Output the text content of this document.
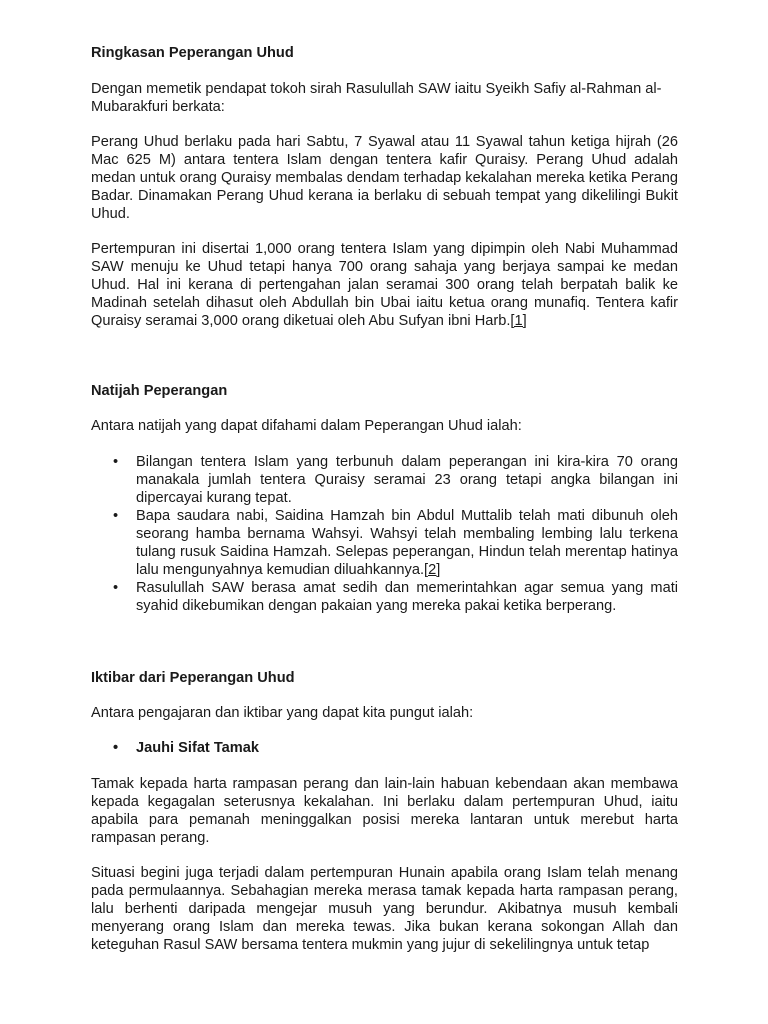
Ringkasan Peperangan Uhud

Dengan memetik pendapat tokoh sirah Rasulullah SAW iaitu Syeikh Safiy al-Rahman al-Mubarakfuri berkata:

Perang Uhud berlaku pada hari Sabtu, 7 Syawal atau 11 Syawal tahun ketiga hijrah (26 Mac 625 M) antara tentera Islam dengan tentera kafir Quraisy. Perang Uhud adalah medan untuk orang Quraisy membalas dendam terhadap kekalahan mereka ketika Perang Badar. Dinamakan Perang Uhud kerana ia berlaku di sebuah tempat yang dikelilingi Bukit Uhud.

Pertempuran ini disertai 1,000 orang tentera Islam yang dipimpin oleh Nabi Muhammad SAW menuju ke Uhud tetapi hanya 700 orang sahaja yang berjaya sampai ke medan Uhud. Hal ini kerana di pertengahan jalan seramai 300 orang telah berpatah balik ke Madinah setelah dihasut oleh Abdullah bin Ubai iaitu ketua orang munafiq. Tentera kafir Quraisy seramai 3,000 orang diketuai oleh Abu Sufyan ibni Harb.[1]

Natijah Peperangan

Antara natijah yang dapat difahami dalam Peperangan Uhud ialah:

• Bilangan tentera Islam yang terbunuh dalam peperangan ini kira-kira 70 orang manakala jumlah tentera Quraisy seramai 23 orang tetapi angka bilangan ini dipercayai kurang tepat.
• Bapa saudara nabi, Saidina Hamzah bin Abdul Muttalib telah mati dibunuh oleh seorang hamba bernama Wahsyi. Wahsyi telah membaling lembing lalu terkena tulang rusuk Saidina Hamzah. Selepas peperangan, Hindun telah merentap hatinya lalu mengunyahnya kemudian diluahkannya.[2]
• Rasulullah SAW berasa amat sedih dan memerintahkan agar semua yang mati syahid dikebumikan dengan pakaian yang mereka pakai ketika berperang.
Iktibar dari Peperangan Uhud

Antara pengajaran dan iktibar yang dapat kita pungut ialah:

• Jauhi Sifat Tamak

Tamak kepada harta rampasan perang dan lain-lain habuan kebendaan akan membawa kepada kegagalan seterusnya kekalahan. Ini berlaku dalam pertempuran Uhud, iaitu apabila para pemanah meninggalkan posisi mereka lantaran untuk merebut harta rampasan perang.

Situasi begini juga terjadi dalam pertempuran Hunain apabila orang Islam telah menang pada permulaannya. Sebahagian mereka merasa tamak kepada harta rampasan perang, lalu berhenti daripada mengejar musuh yang berundur. Akibatnya musuh kembali menyerang orang Islam dan mereka tewas. Jika bukan kerana sokongan Allah dan keteguhan Rasul SAW bersama tentera mukmin yang jujur di sekelilingnya untuk tetap
